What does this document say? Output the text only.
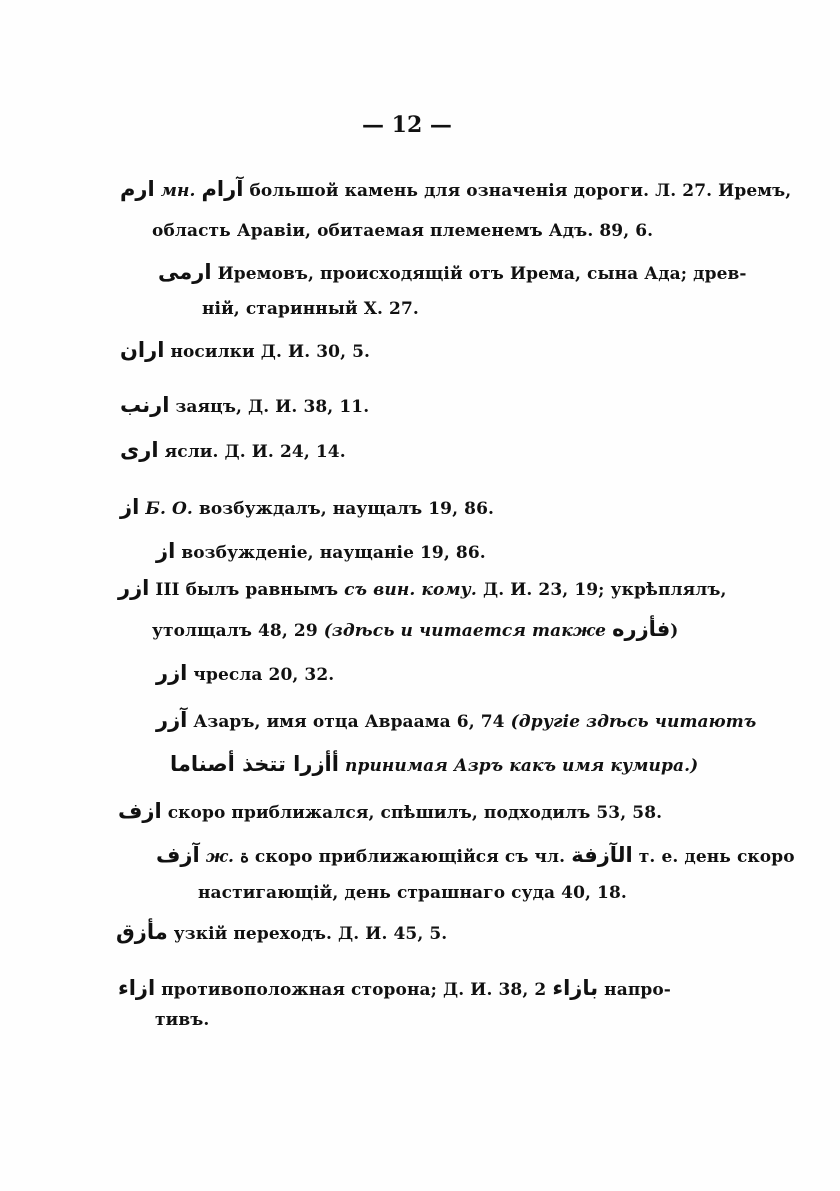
— 12 —
ارم мн. آرام большой камень для означенія дороги. Л. 27. Иремъ,
область Аравіи, обитаемая племенемъ Адъ. 89, 6.
ارمی Иремовъ, происходящій отъ Ирема, сына Ада; древ-
ній, старинный Х. 27.
اران носилки Д. И. 30, 5.
ارنب заяцъ, Д. И. 38, 11.
اری ясли. Д. И. 24, 14.
از Б. О. возбуждалъ, наущалъ 19, 86.
از возбужденіе, наущаніе 19, 86.
ازر III былъ равнымъ съ вин. кому. Д. И. 23, 19; укрѣплялъ,
утолщалъ 48, 29 (здѣсь и читается также فأزره)
ازر чресла 20, 32.
آزر Азаръ, имя отца Авраама 6, 74 (другіе здѣсь читаютъ
أأزرا تتخذ أصناما принимая Азръ какъ имя кумира.)
ازف скоро приближался, спѣшилъ, подходилъ 53, 58.
آزف ж. ة скоро приближающійся съ чл. الآزفة т. е. день скоро
настигающій, день страшнаго суда 40, 18.
مأزق узкій переходъ. Д. И. 45, 5.
ازاء противоположная сторона; Д. И. 38, 2 بازاء напро-
тивъ.
